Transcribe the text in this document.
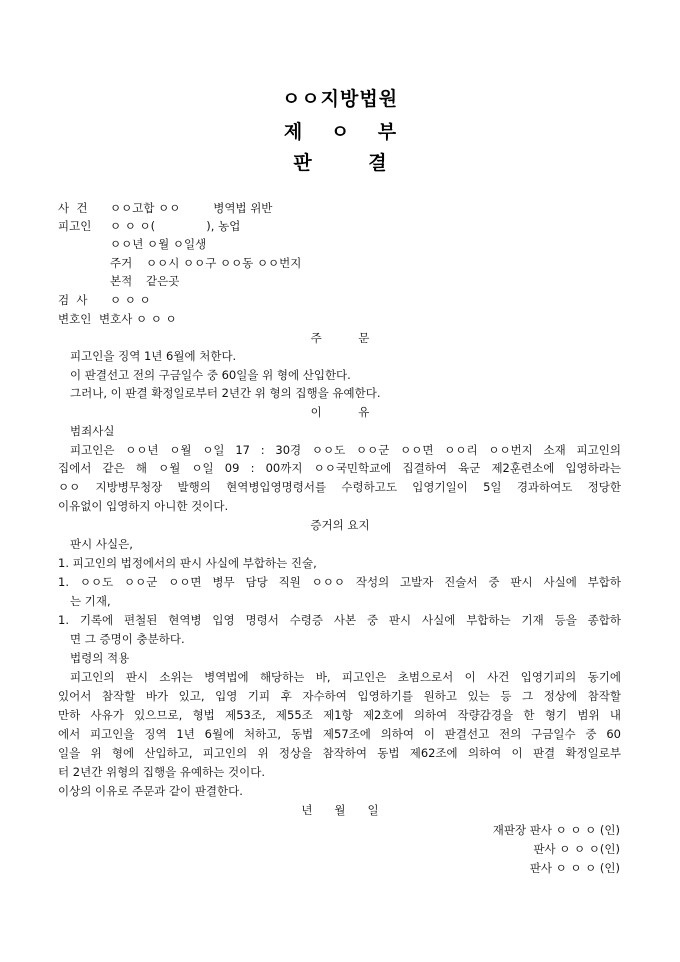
ㅇㅇ지방법원
제 ㅇ 부
판 결
사  건 ㅇㅇ고합 ㅇㅇ         병역법 위반
피고인 ㅇ ㅇ ㅇ(              ), 농업
ㅇㅇ년 ㅇ월 ㅇ일생
주거 ㅇㅇ시 ㅇㅇ구 ㅇㅇ동 ㅇㅇ번지
본적 같은곳
검  사 ㅇ ㅇ ㅇ
변호인 변호사 ㅇ ㅇ ㅇ
주          문
피고인을 징역 1년 6월에 처한다.
이 판결선고 전의 구금일수 중 60일을 위 형에 산입한다.
그러나, 이 판결 확정일로부터 2년간 위 형의 집행을 유예한다.
이          유
범죄사실
피고인은 ㅇㅇ년 ㅇ월 ㅇ일 17 : 30경 ㅇㅇ도 ㅇㅇ군 ㅇㅇ면 ㅇㅇ리 ㅇㅇ번지 소재 피고인의
집에서 같은 해 ㅇ월 ㅇ일 09 : 00까지 ㅇㅇ국민학교에 집결하여 육군 제2훈련소에 입영하라는
ㅇㅇ 지방병무청장 발행의 현역병입영명령서를 수령하고도 입영기일이 5일 경과하여도 정당한
이유없이 입영하지 아니한 것이다.
증거의 요지
판시 사실은,
1. 피고인의 법정에서의 판시 사실에 부합하는 진술,
1. ㅇㅇ도 ㅇㅇ군 ㅇㅇ면 병무 담당 직원 ㅇㅇㅇ 작성의 고발자 진술서 중 판시 사실에 부합하
는 기재,
1. 기록에 편철된 현역병 입영 명령서 수령증 사본 중 판시 사실에 부합하는 기재 등을 종합하
면 그 증명이 충분하다.
법령의 적용
피고인의 판시 소위는 병역법에 해당하는 바, 피고인은 초범으로서 이 사건 입영기피의 동기에
있어서 참작할 바가 있고, 입영 기피 후 자수하여 입영하기를 원하고 있는 등 그 정상에 참작할
만하 사유가 있으므로, 형법 제53조, 제55조 제1항 제2호에 의하여 작량감경을 한 형기 범위 내
에서 피고인을 징역 1년 6월에 처하고, 동법 제57조에 의하여 이 판결선고 전의 구금일수 중 60
일을 위 형에 산입하고, 피고인의 위 정상을 참작하여 동법 제62조에 의하여 이 판결 확정일로부
터 2년간 위형의 집행을 유예하는 것이다.
이상의 이유로 주문과 같이 판결한다.
년      월      일
재판장 판사 ㅇ ㅇ ㅇ (인)
판사 ㅇ ㅇ ㅇ(인)
판사 ㅇ ㅇ ㅇ (인)
